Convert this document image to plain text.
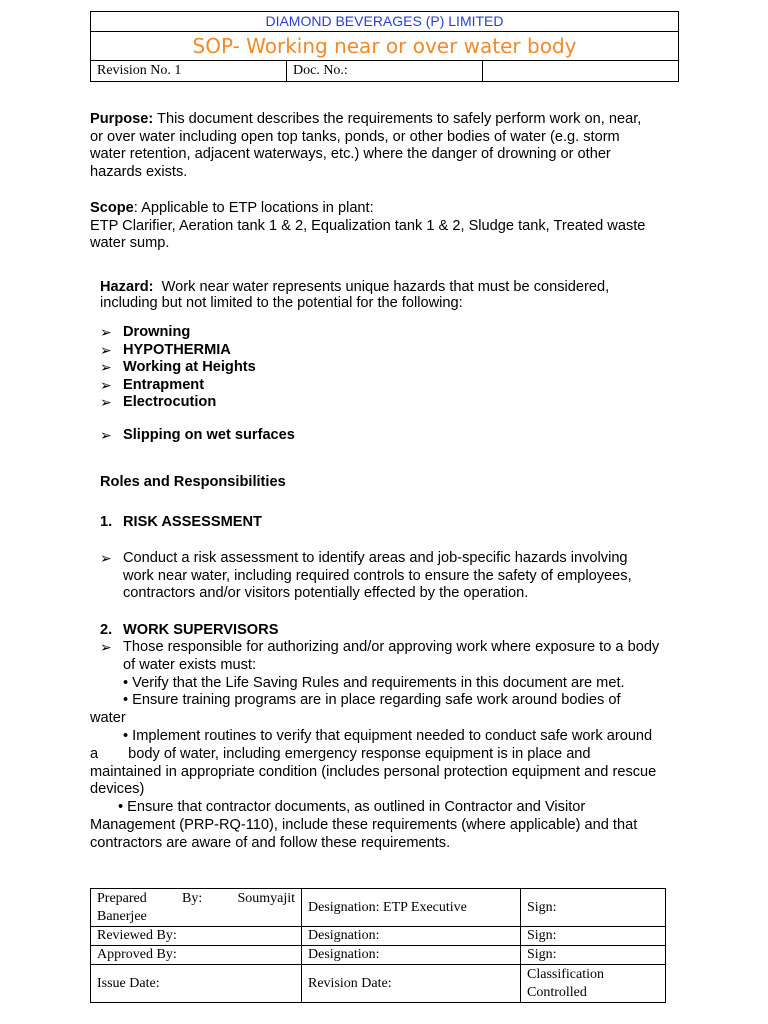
DIAMOND BEVERAGES (P) LIMITED
SOP- Working near or over water body
Revision No. 1	Doc. No.:	
Purpose: This document describes the requirements to safely perform work on, near,
or over water including open top tanks, ponds, or other bodies of water (e.g. storm
water retention, adjacent waterways, etc.) where the danger of drowning or other
hazards exists.
Scope: Applicable to ETP locations in plant:
ETP Clarifier, Aeration tank 1 & 2, Equalization tank 1 & 2, Sludge tank, Treated waste
water sump.
Hazard: Work near water represents unique hazards that must be considered,
including but not limited to the potential for the following:
➢ Drowning
➢ HYPOTHERMIA
➢ Working at Heights
➢ Entrapment
➢ Electrocution
➢ Slipping on wet surfaces
Roles and Responsibilities
1. RISK ASSESSMENT
➢ Conduct a risk assessment to identify areas and job-specific hazards involving
work near water, including required controls to ensure the safety of employees,
contractors and/or visitors potentially effected by the operation.
2. WORK SUPERVISORS
➢ Those responsible for authorizing and/or approving work where exposure to a body
of water exists must:
• Verify that the Life Saving Rules and requirements in this document are met.
• Ensure training programs are in place regarding safe work around bodies of
water
• Implement routines to verify that equipment needed to conduct safe work around
a body of water, including emergency response equipment is in place and
maintained in appropriate condition (includes personal protection equipment and rescue
devices)
• Ensure that contractor documents, as outlined in Contractor and Visitor
Management (PRP-RQ-110), include these requirements (where applicable) and that
contractors are aware of and follow these requirements.
Prepared By: Soumyajit
Banerjee	Designation: ETP Executive	Sign:
Reviewed By:	Designation:	Sign:
Approved By:	Designation:	Sign:
Issue Date:	Revision Date:	Classification
Controlled
